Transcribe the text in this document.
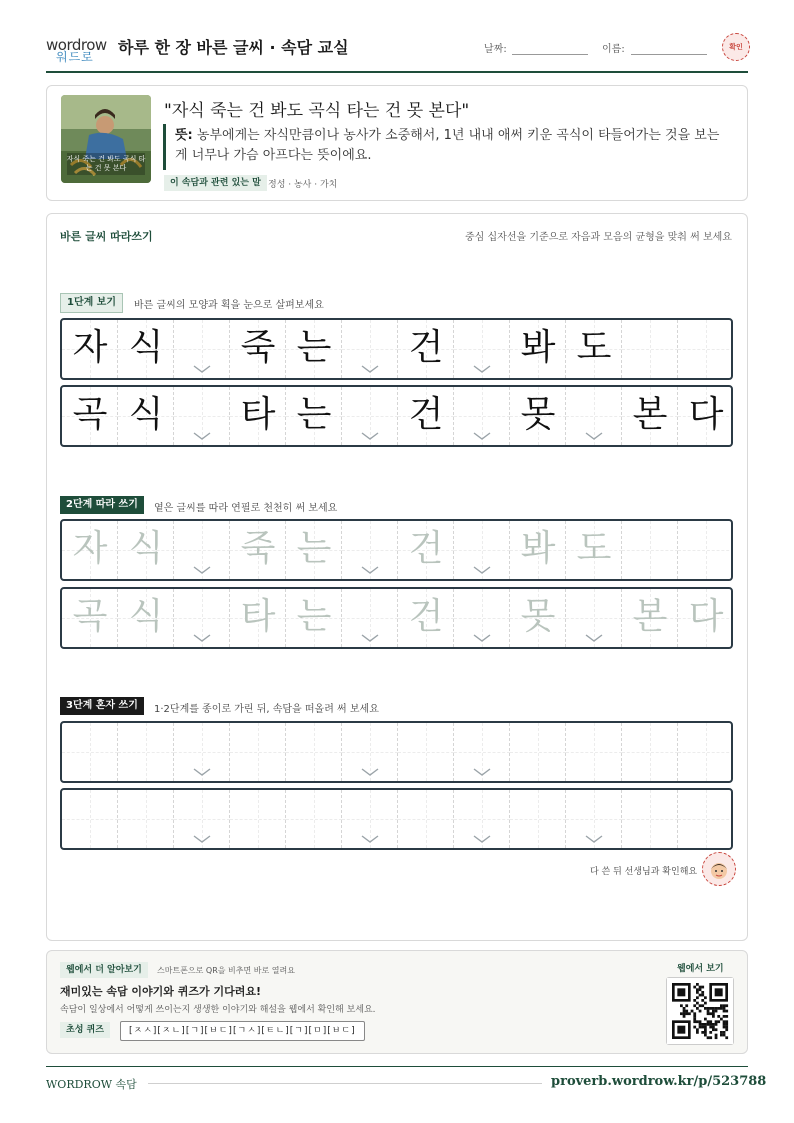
wordrow
워드로 하루 한 장 바른 글씨 · 속담 교실	날짜:	이름:	확인
자식 죽는 건 봐도 곡식 타는 건 못 본다
"자식 죽는 건 봐도 곡식 타는 건 못 본다"
뜻: 농부에게는 자식만큼이나 농사가 소중해서, 1년 내내 애써 키운 곡식이 타들어가는 것을 보는 게 너무나 가슴 아프다는 뜻이에요.
이 속담과 관련 있는 말 정성 · 농사 · 가치
바른 글씨 따라쓰기	중심 십자선을 기준으로 자음과 모음의 균형을 맞춰 써 보세요
1단계 보기	바른 글씨의 모양과 획을 눈으로 살펴보세요
자 식 죽 는 건 봐 도
곡 식 타 는 건 못 본 다
2단계 따라 쓰기	옅은 글씨를 따라 연필로 천천히 써 보세요
자 식 죽 는 건 봐 도
곡 식 타 는 건 못 본 다
3단계 혼자 쓰기	1·2단계를 종이로 가린 뒤, 속담을 떠올려 써 보세요
다 쓴 뒤 선생님과 확인해요
웹에서 더 알아보기	스마트폰으로 QR을 비추면 바로 열려요
재미있는 속담 이야기와 퀴즈가 기다려요!
속담이 일상에서 어떻게 쓰이는지 생생한 이야기와 해설을 웹에서 확인해 보세요.
초성 퀴즈	[ㅈㅅ][ㅈㄴ][ㄱ][ㅂㄷ][ㄱㅅ][ㅌㄴ][ㄱ][ㅁ][ㅂㄷ]
웹에서 보기
WORDROW 속담	proverb.wordrow.kr/p/523788
